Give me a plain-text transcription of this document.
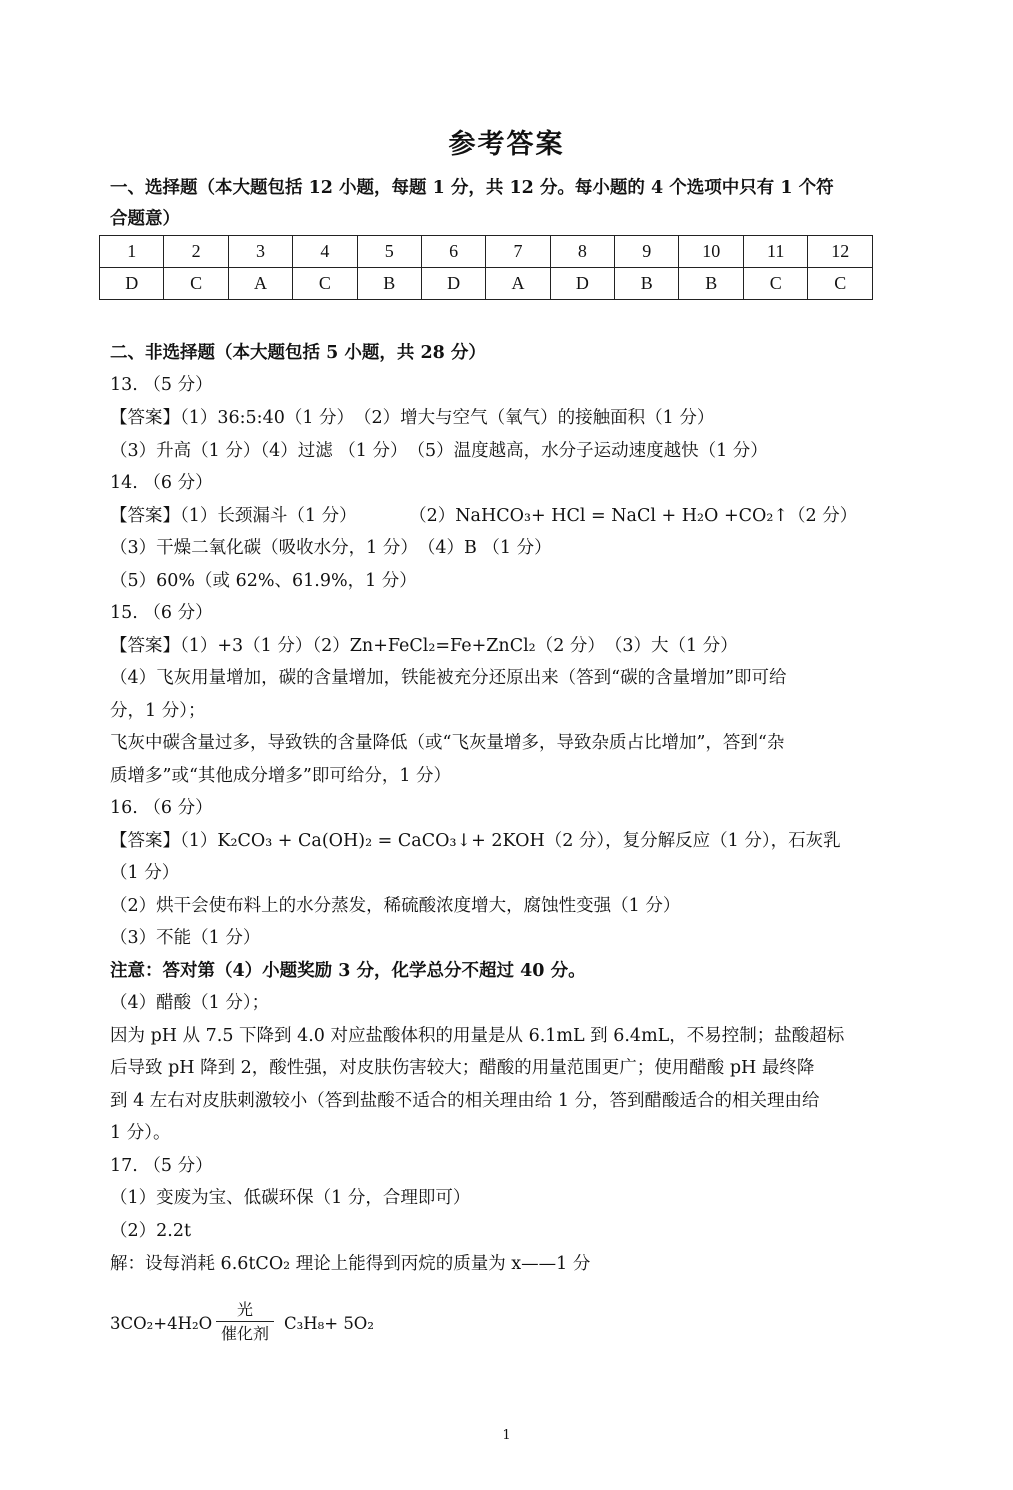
参考答案
一、选择题（本大题包括 12 小题，每题 1 分，共 12 分。每小题的 4 个选项中只有 1 个符
合题意）
1	2	3	4	5	6	7	8	9	10	11	12
D	C	A	C	B	D	A	D	B	B	C	C
二、非选择题（本大题包括 5 小题，共 28 分）
13. （5 分）
【答案】（1）36:5:40（1 分）　（2）增大与空气（氧气）的接触面积（1 分）
（3）升高（1 分）（4）过滤 （1 分）　（5）温度越高，水分子运动速度越快（1 分）
14. （6 分）
【答案】（1）长颈漏斗（1 分）　　　　（2）NaHCO₃+ HCl = NaCl + H₂O +CO₂↑（2 分）
（3）干燥二氧化碳（吸收水分，1 分）　（4）B （1 分）
（5）60%（或 62%、61.9%，1 分）
15. （6 分）
【答案】（1）+3（1 分）（2）Zn+FeCl₂=Fe+ZnCl₂（2 分）　（3）大（1 分）
（4）飞灰用量增加，碳的含量增加，铁能被充分还原出来（答到“碳的含量增加”即可给
分，1 分）；
飞灰中碳含量过多，导致铁的含量降低（或“飞灰量增多，导致杂质占比增加”，答到“杂
质增多”或“其他成分增多”即可给分，1 分）
16. （6 分）
【答案】（1）K₂CO₃ + Ca(OH)₂ = CaCO₃↓+ 2KOH（2 分），复分解反应（1 分），石灰乳
（1 分）
（2）烘干会使布料上的水分蒸发，稀硫酸浓度增大，腐蚀性变强（1 分）
（3）不能（1 分）
注意：答对第（4）小题奖励 3 分，化学总分不超过 40 分。
（4）醋酸（1 分）；
因为 pH 从 7.5 下降到 4.0 对应盐酸体积的用量是从 6.1mL 到 6.4mL，不易控制；盐酸超标
后导致 pH 降到 2，酸性强，对皮肤伤害较大；醋酸的用量范围更广；使用醋酸 pH 最终降
到 4 左右对皮肤刺激较小（答到盐酸不适合的相关理由给 1 分，答到醋酸适合的相关理由给
1 分）。
17. （5 分）
（1）变废为宝、低碳环保（1 分，合理即可）
（2）2.2t
解：设每消耗 6.6tCO₂ 理论上能得到丙烷的质量为 x——1 分
3CO₂+4H₂O
光
催化剂
C₃H₈+ 5O₂
1
